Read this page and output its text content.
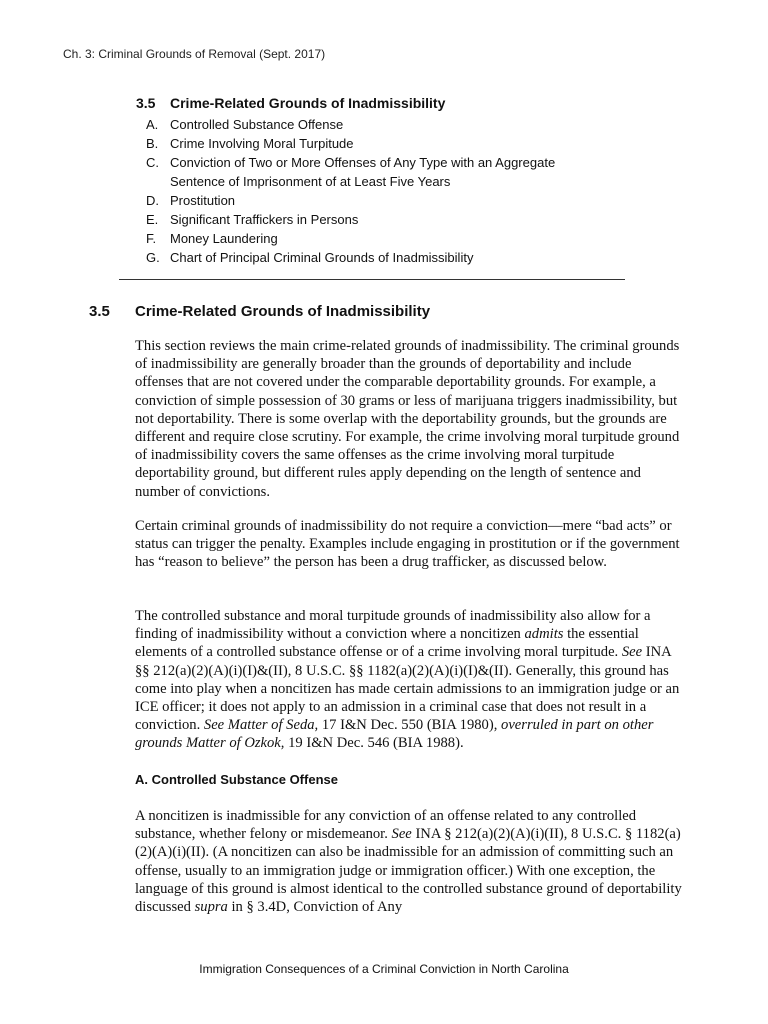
Ch. 3: Criminal Grounds of Removal (Sept. 2017)
3.5 Crime-Related Grounds of Inadmissibility
A. Controlled Substance Offense
B. Crime Involving Moral Turpitude
C. Conviction of Two or More Offenses of Any Type with an Aggregate Sentence of Imprisonment of at Least Five Years
D. Prostitution
E. Significant Traffickers in Persons
F.	Money Laundering
G. Chart of Principal Criminal Grounds of Inadmissibility
3.5 Crime-Related Grounds of Inadmissibility

This section reviews the main crime-related grounds of inadmissibility. The criminal grounds of inadmissibility are generally broader than the grounds of deportability and include offenses that are not covered under the comparable deportability grounds. For example, a conviction of simple possession of 30 grams or less of marijuana triggers inadmissibility, but not deportability. There is some overlap with the deportability grounds, but the grounds are different and require close scrutiny. For example, the crime involving moral turpitude ground of inadmissibility covers the same offenses as the crime involving moral turpitude deportability ground, but different rules apply depending on the length of sentence and number of convictions.

Certain criminal grounds of inadmissibility do not require a conviction—mere “bad acts” or status can trigger the penalty. Examples include engaging in prostitution or if the government has “reason to believe” the person has been a drug trafficker, as discussed below.

The controlled substance and moral turpitude grounds of inadmissibility also allow for a finding of inadmissibility without a conviction where a noncitizen admits the essential elements of a controlled substance offense or of a crime involving moral turpitude. See INA §§ 212(a)(2)(A)(i)(I)&(II), 8 U.S.C. §§ 1182(a)(2)(A)(i)(I)&(II). Generally, this ground has come into play when a noncitizen has made certain admissions to an immigration judge or an ICE officer; it does not apply to an admission in a criminal case that does not result in a conviction. See Matter of Seda, 17 I&N Dec. 550 (BIA 1980), overruled in part on other grounds Matter of Ozkok, 19 I&N Dec. 546 (BIA 1988).

A. Controlled Substance Offense

A noncitizen is inadmissible for any conviction of an offense related to any controlled substance, whether felony or misdemeanor. See INA § 212(a)(2)(A)(i)(II), 8 U.S.C. § 1182(a) (2)(A)(i)(II). (A noncitizen can also be inadmissible for an admission of committing such an offense, usually to an immigration judge or immigration officer.) With one exception, the language of this ground is almost identical to the controlled substance ground of deportability discussed supra in § 3.4D, Conviction of Any

Immigration Consequences of a Criminal Conviction in North Carolina
